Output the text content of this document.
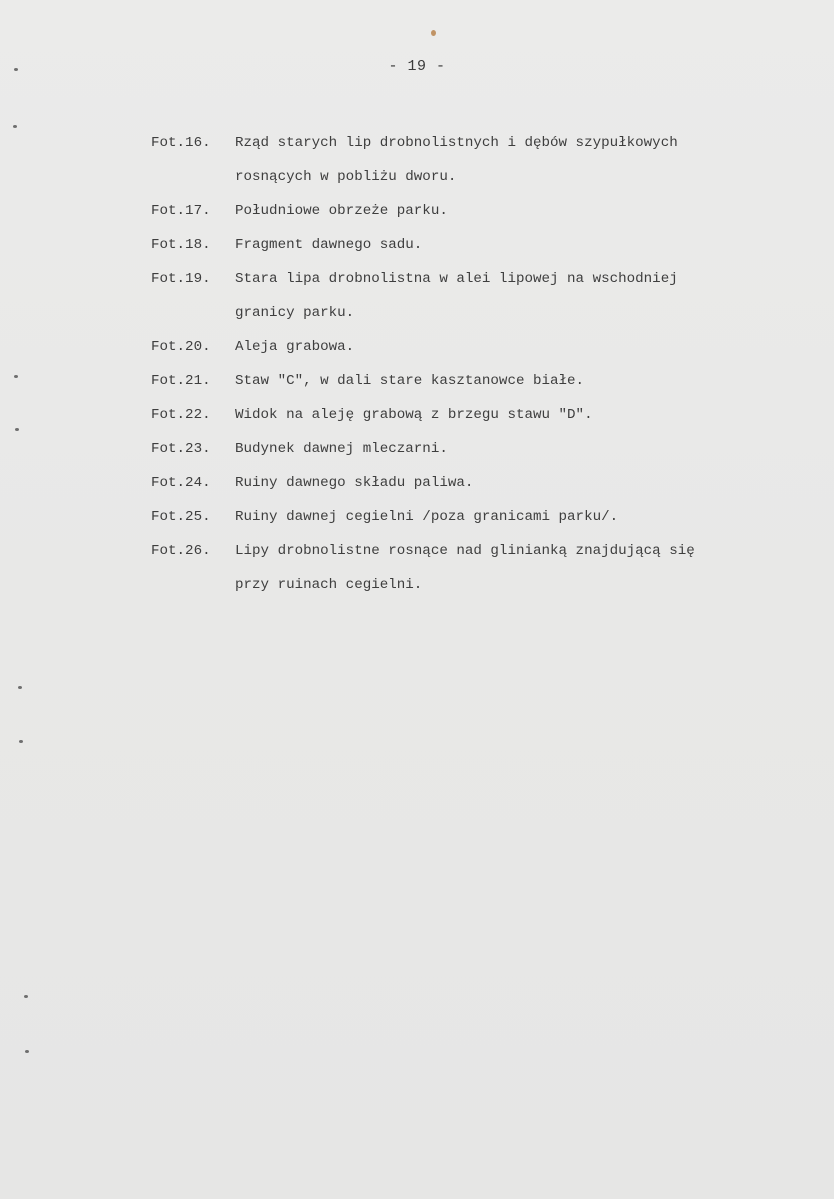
- 19 -
Fot.16.	Rząd starych lip drobnolistnych i dębów szypułkowych
rosnących w pobliżu dworu.
Fot.17.	Południowe obrzeże parku.
Fot.18.	Fragment dawnego sadu.
Fot.19.	Stara lipa drobnolistna w alei lipowej na wschodniej
granicy parku.
Fot.20.	Aleja grabowa.
Fot.21.	Staw "C", w dali stare kasztanowce białe.
Fot.22.	Widok na aleję grabową z brzegu stawu "D".
Fot.23.	Budynek dawnej mleczarni.
Fot.24.	Ruiny dawnego składu paliwa.
Fot.25.	Ruiny dawnej cegielni /poza granicami parku/.
Fot.26.	Lipy drobnolistne rosnące nad glinianką znajdującą się
przy ruinach cegielni.
